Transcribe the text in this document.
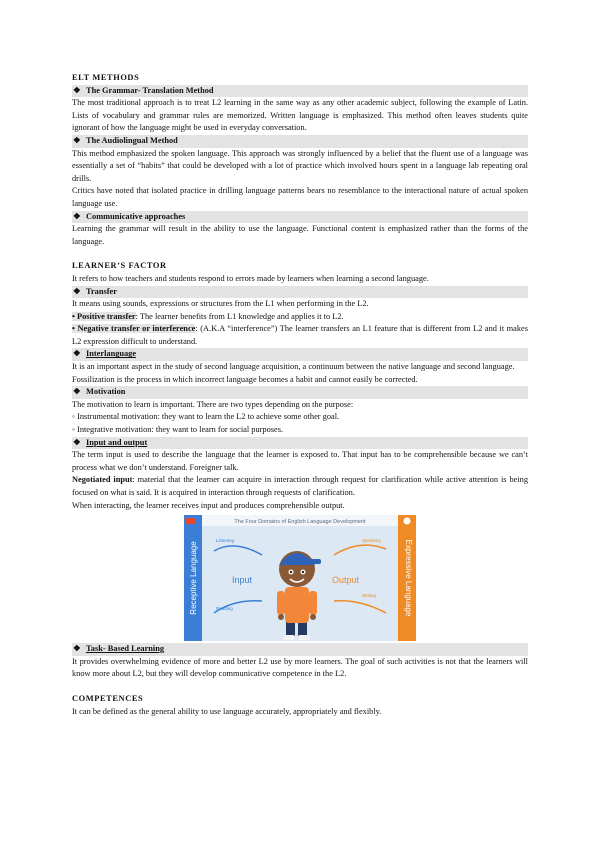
ELT METHODS

❖ The Grammar- Translation Method

The most traditional approach is to treat L2 learning in the same way as any other academic subject, following the example of Latin. Lists of vocabulary and grammar rules are memorized. Written language is emphasized. This method often leaves students quite ignorant of how the language might be used in everyday conversation.

❖ The Audiolingual Method

This method emphasized the spoken language. This approach was strongly influenced by a belief that the fluent use of a language was essentially a set of “habits” that could be developed with a lot of practice which involved hours spent in a language lab repeating oral drills.

Critics have noted that isolated practice in drilling language patterns bears no resemblance to the interactional nature of actual spoken language use.

❖ Communicative approaches

Learning the grammar will result in the ability to use the language. Functional content is emphasized rather than the forms of the language.

LEARNER’S FACTOR

It refers to how teachers and students respond to errors made by learners when learning a second language.

❖ Transfer

It means using sounds, expressions or structures from the L1 when performing in the L2.

• Positive transfer: The learner benefits from L1 knowledge and applies it to L2.

• Negative transfer or interference: (A.K.A “interference”) The learner transfers an L1 feature that is different from L2 and it makes L2 expression difficult to understand.

❖ Interlanguage

It is an important aspect in the study of second language acquisition, a continuum between the native language and second language.

Fossilization is the process in which incorrect language becomes a habit and cannot easily be corrected.

❖ Motivation

The motivation to learn is important. There are two types depending on the purpose:

◦ Instrumental motivation: they want to learn the L2 to achieve some other goal.

◦ Integrative motivation: they want to learn for social purposes.

❖ Input and output

The term input is used to describe the language that the learner is exposed to. That input has to be comprehensible because we can’t process what we don’t understand. Foreigner talk.

Negotiated input: material that the learner can acquire in interaction through request for clarification while active attention is being focused on what is said. It is acquired in interaction through requests of clarification.

When interacting, the learner receives input and produces comprehensible output.

The Four Domains of English Language Development
Receptive Language	Expressive Language
Input	Output
Listening
Reading
Speaking
Writing

❖ Task- Based Learning

It provides overwhelming evidence of more and better L2 use by more learners. The goal of such activities is not that the learners will know more about L2, but they will develop communicative competence in the L2.

COMPETENCES

It can be defined as the general ability to use language accurately, appropriately and flexibly.
